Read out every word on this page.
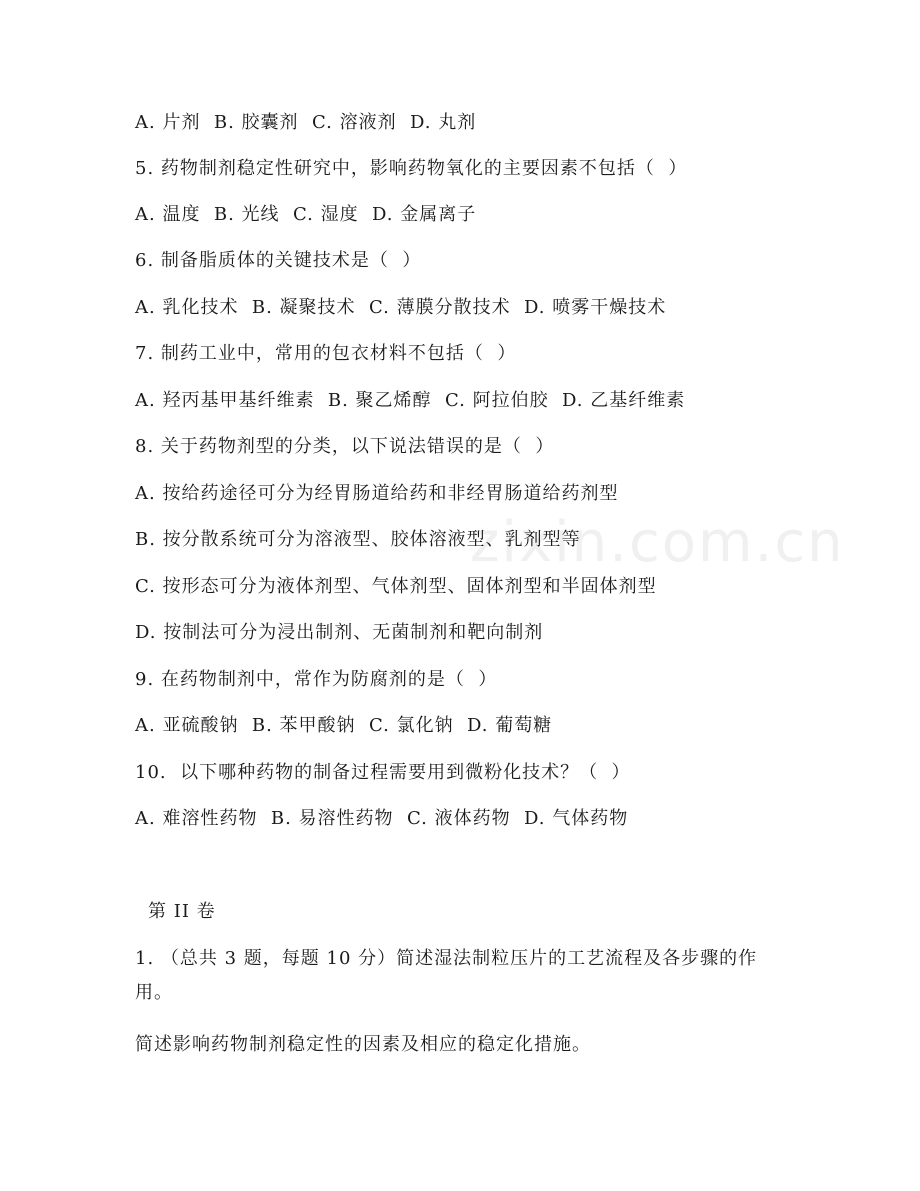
zixin.com.cn
A. 片剂  B. 胶囊剂  C. 溶液剂  D. 丸剂
5. 药物制剂稳定性研究中，影响药物氧化的主要因素不包括（  ）
A. 温度  B. 光线  C. 湿度  D. 金属离子
6. 制备脂质体的关键技术是（  ）
A. 乳化技术  B. 凝聚技术  C. 薄膜分散技术  D. 喷雾干燥技术
7. 制药工业中，常用的包衣材料不包括（  ）
A. 羟丙基甲基纤维素  B. 聚乙烯醇  C. 阿拉伯胶  D. 乙基纤维素
8. 关于药物剂型的分类，以下说法错误的是（  ）
A. 按给药途径可分为经胃肠道给药和非经胃肠道给药剂型
B. 按分散系统可分为溶液型、胶体溶液型、乳剂型等
C. 按形态可分为液体剂型、气体剂型、固体剂型和半固体剂型
D. 按制法可分为浸出制剂、无菌制剂和靶向制剂
9. 在药物制剂中，常作为防腐剂的是（  ）
A. 亚硫酸钠  B. 苯甲酸钠  C. 氯化钠  D. 葡萄糖
10.  以下哪种药物的制备过程需要用到微粉化技术？（  ）
A. 难溶性药物  B. 易溶性药物  C. 液体药物  D. 气体药物
第 II 卷
1. （总共 3 题，每题 10 分）简述湿法制粒压片的工艺流程及各步骤的作用。
简述影响药物制剂稳定性的因素及相应的稳定化措施。
